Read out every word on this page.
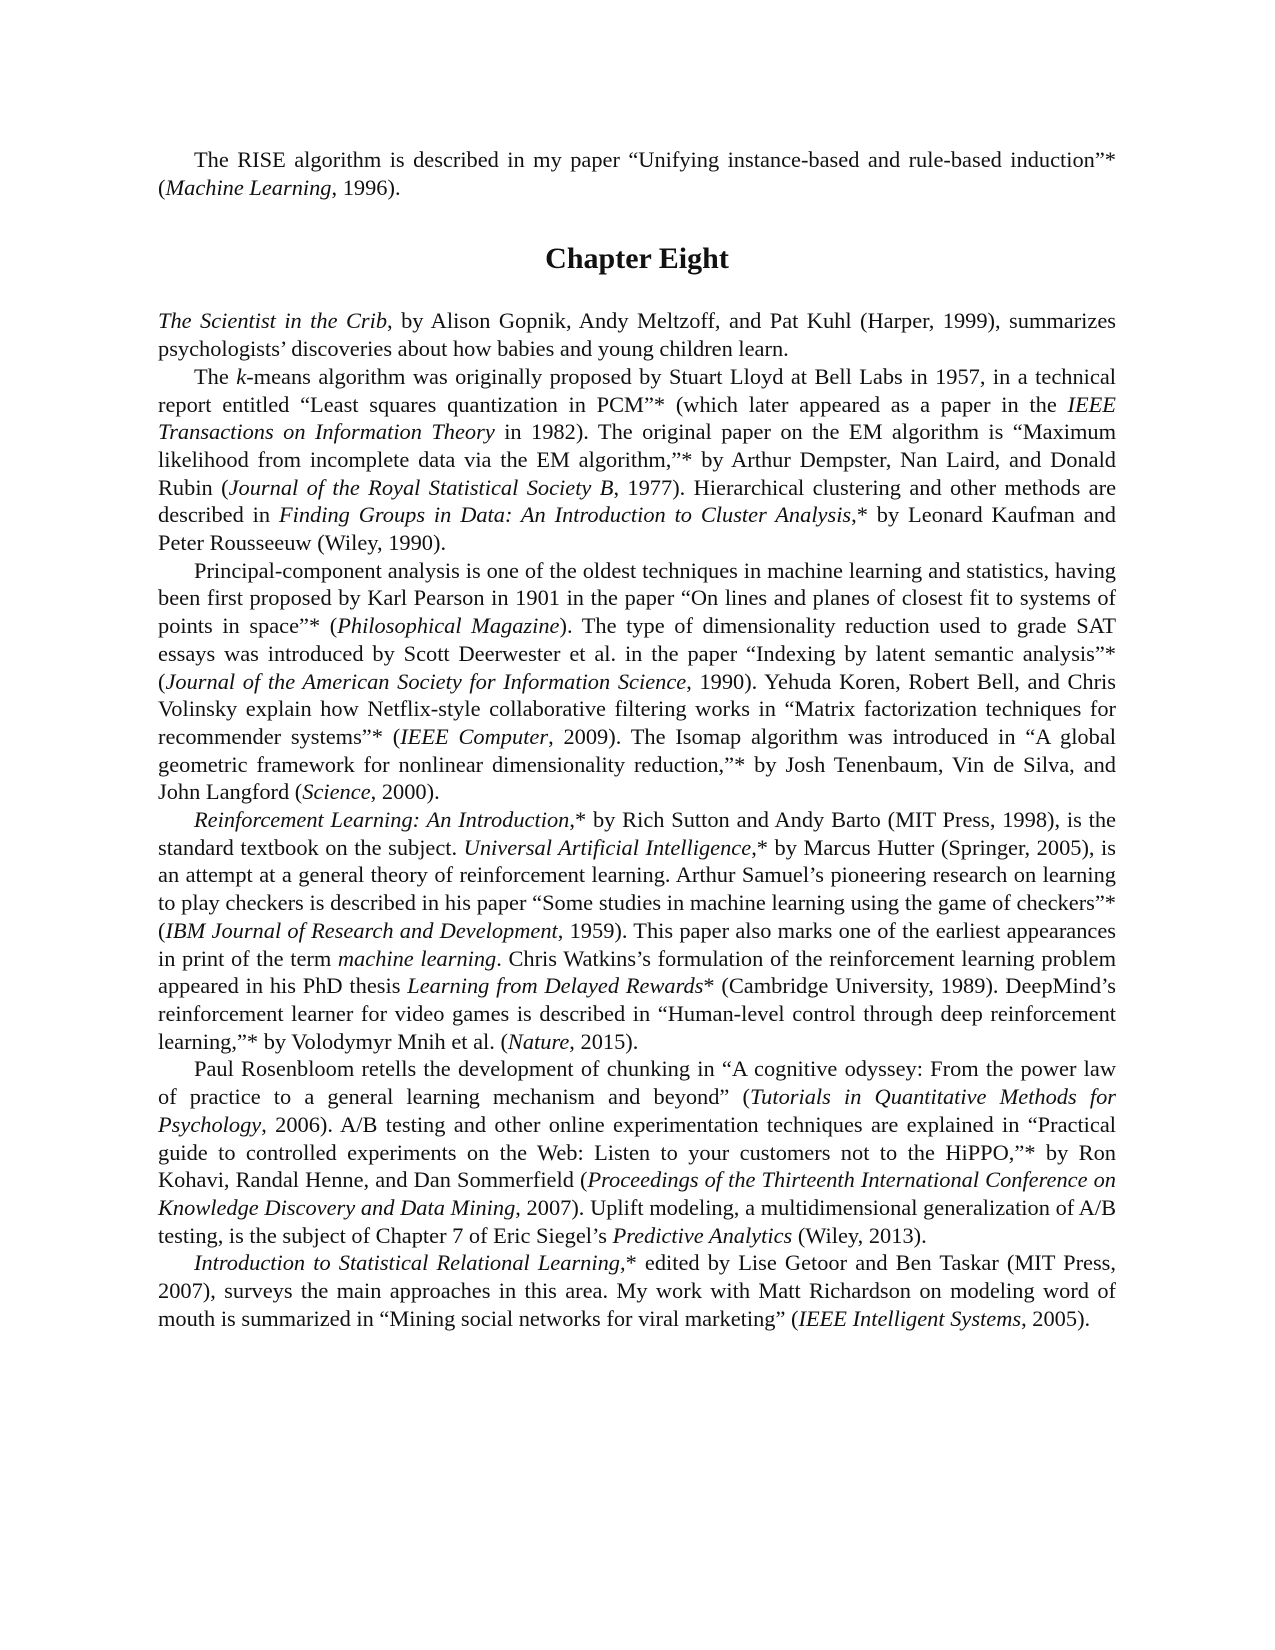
The RISE algorithm is described in my paper “Unifying instance-based and rule-based induction”* (Machine Learning, 1996).

Chapter Eight

The Scientist in the Crib, by Alison Gopnik, Andy Meltzoff, and Pat Kuhl (Harper, 1999), summarizes psychologists’ discoveries about how babies and young children learn.

The k-means algorithm was originally proposed by Stuart Lloyd at Bell Labs in 1957, in a technical report entitled “Least squares quantization in PCM”* (which later appeared as a paper in the IEEE Transactions on Information Theory in 1982). The original paper on the EM algorithm is “Maximum likelihood from incomplete data via the EM algorithm,”* by Arthur Dempster, Nan Laird, and Donald Rubin (Journal of the Royal Statistical Society B, 1977). Hierarchical clustering and other methods are described in Finding Groups in Data: An Introduction to Cluster Analysis,* by Leonard Kaufman and Peter Rousseeuw (Wiley, 1990).

Principal-component analysis is one of the oldest techniques in machine learning and statistics, having been first proposed by Karl Pearson in 1901 in the paper “On lines and planes of closest fit to systems of points in space”* (Philosophical Magazine). The type of dimensionality reduction used to grade SAT essays was introduced by Scott Deerwester et al. in the paper “Indexing by latent semantic analysis”* (Journal of the American Society for Information Science, 1990). Yehuda Koren, Robert Bell, and Chris Volinsky explain how Netflix-style collaborative filtering works in “Matrix factorization techniques for recommender systems”* (IEEE Computer, 2009). The Isomap algorithm was introduced in “A global geometric framework for nonlinear dimensionality reduction,”* by Josh Tenenbaum, Vin de Silva, and John Langford (Science, 2000).

Reinforcement Learning: An Introduction,* by Rich Sutton and Andy Barto (MIT Press, 1998), is the standard textbook on the subject. Universal Artificial Intelligence,* by Marcus Hutter (Springer, 2005), is an attempt at a general theory of reinforcement learning. Arthur Samuel’s pioneering research on learning to play checkers is described in his paper “Some studies in machine learning using the game of checkers”* (IBM Journal of Research and Development, 1959). This paper also marks one of the earliest appearances in print of the term machine learning. Chris Watkins’s formulation of the reinforcement learning problem appeared in his PhD thesis Learning from Delayed Rewards* (Cambridge University, 1989). DeepMind’s reinforcement learner for video games is described in “Human-level control through deep reinforcement learning,”* by Volodymyr Mnih et al. (Nature, 2015).

Paul Rosenbloom retells the development of chunking in “A cognitive odyssey: From the power law of practice to a general learning mechanism and beyond” (Tutorials in Quantitative Methods for Psychology, 2006). A/B testing and other online experimentation techniques are explained in “Practical guide to controlled experiments on the Web: Listen to your customers not to the HiPPO,”* by Ron Kohavi, Randal Henne, and Dan Sommerfield (Proceedings of the Thirteenth International Conference on Knowledge Discovery and Data Mining, 2007). Uplift modeling, a multidimensional generalization of A/B testing, is the subject of Chapter 7 of Eric Siegel’s Predictive Analytics (Wiley, 2013).

Introduction to Statistical Relational Learning,* edited by Lise Getoor and Ben Taskar (MIT Press, 2007), surveys the main approaches in this area. My work with Matt Richardson on modeling word of mouth is summarized in “Mining social networks for viral marketing” (IEEE Intelligent Systems, 2005).
